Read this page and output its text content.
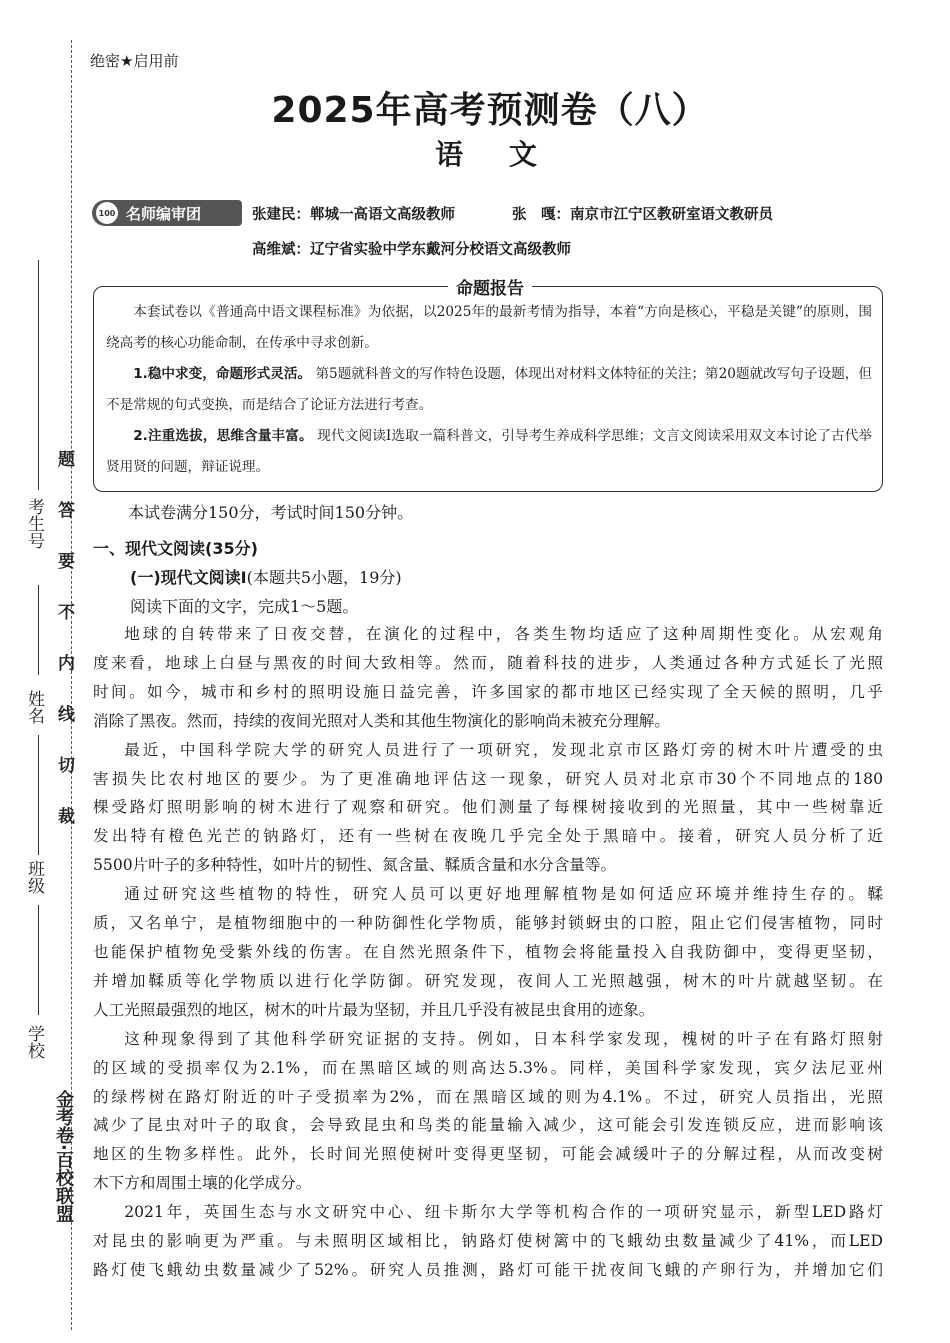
题　　答　　要　　不　　内　　线　　切　　裁
考生号
姓名
班级
学校
金考卷·百校联盟
绝密★启用前
2025年高考预测卷（八）
语 文
100 名师编审团	张建民：郸城一高语文高级教师	张　嘎：南京市江宁区教研室语文教研员
高维斌：辽宁省实验中学东戴河分校语文高级教师
命题报告

本套试卷以《普通高中语文课程标准》为依据，以2025年的最新考情为指导，本着“方向是核心，平稳是关键”的原则，围绕高考的核心功能命制，在传承中寻求创新。

1.稳中求变，命题形式灵活。 第5题就科普文的写作特色设题，体现出对材料文体特征的关注；第20题就改写句子设题，但不是常规的句式变换，而是结合了论证方法进行考查。

2.注重选拔，思维含量丰富。 现代文阅读Ⅰ选取一篇科普文，引导考生养成科学思维；文言文阅读采用双文本讨论了古代举贤用贤的问题，辩证说理。

本试卷满分150分，考试时间150分钟。
一、现代文阅读(35分)
(一)现代文阅读Ⅰ(本题共5小题，19分)
阅读下面的文字，完成1～5题。
地球的自转带来了日夜交替，在演化的过程中，各类生物均适应了这种周期性变化。从宏观角
度来看，地球上白昼与黑夜的时间大致相等。然而，随着科技的进步，人类通过各种方式延长了光照
时间。如今，城市和乡村的照明设施日益完善，许多国家的都市地区已经实现了全天候的照明，几乎
消除了黑夜。然而，持续的夜间光照对人类和其他生物演化的影响尚未被充分理解。
最近，中国科学院大学的研究人员进行了一项研究，发现北京市区路灯旁的树木叶片遭受的虫
害损失比农村地区的要少。为了更准确地评估这一现象，研究人员对北京市30个不同地点的180
棵受路灯照明影响的树木进行了观察和研究。他们测量了每棵树接收到的光照量，其中一些树靠近
发出特有橙色光芒的钠路灯，还有一些树在夜晚几乎完全处于黑暗中。接着，研究人员分析了近
5500片叶子的多种特性，如叶片的韧性、氮含量、鞣质含量和水分含量等。
通过研究这些植物的特性，研究人员可以更好地理解植物是如何适应环境并维持生存的。鞣
质，又名单宁，是植物细胞中的一种防御性化学物质，能够封锁蚜虫的口腔，阻止它们侵害植物，同时
也能保护植物免受紫外线的伤害。在自然光照条件下，植物会将能量投入自我防御中，变得更坚韧，
并增加鞣质等化学物质以进行化学防御。研究发现，夜间人工光照越强，树木的叶片就越坚韧。在
人工光照最强烈的地区，树木的叶片最为坚韧，并且几乎没有被昆虫食用的迹象。
这种现象得到了其他科学研究证据的支持。例如，日本科学家发现，槐树的叶子在有路灯照射
的区域的受损率仅为2.1%，而在黑暗区域的则高达5.3%。同样，美国科学家发现，宾夕法尼亚州
的绿梣树在路灯附近的叶子受损率为2%，而在黑暗区域的则为4.1%。不过，研究人员指出，光照
减少了昆虫对叶子的取食，会导致昆虫和鸟类的能量输入减少，这可能会引发连锁反应，进而影响该
地区的生物多样性。此外，长时间光照使树叶变得更坚韧，可能会减缓叶子的分解过程，从而改变树
木下方和周围土壤的化学成分。
2021年，英国生态与水文研究中心、纽卡斯尔大学等机构合作的一项研究显示，新型LED路灯
对昆虫的影响更为严重。与未照明区域相比，钠路灯使树篱中的飞蛾幼虫数量减少了41%，而LED
路灯使飞蛾幼虫数量减少了52%。研究人员推测，路灯可能干扰夜间飞蛾的产卵行为，并增加它们
